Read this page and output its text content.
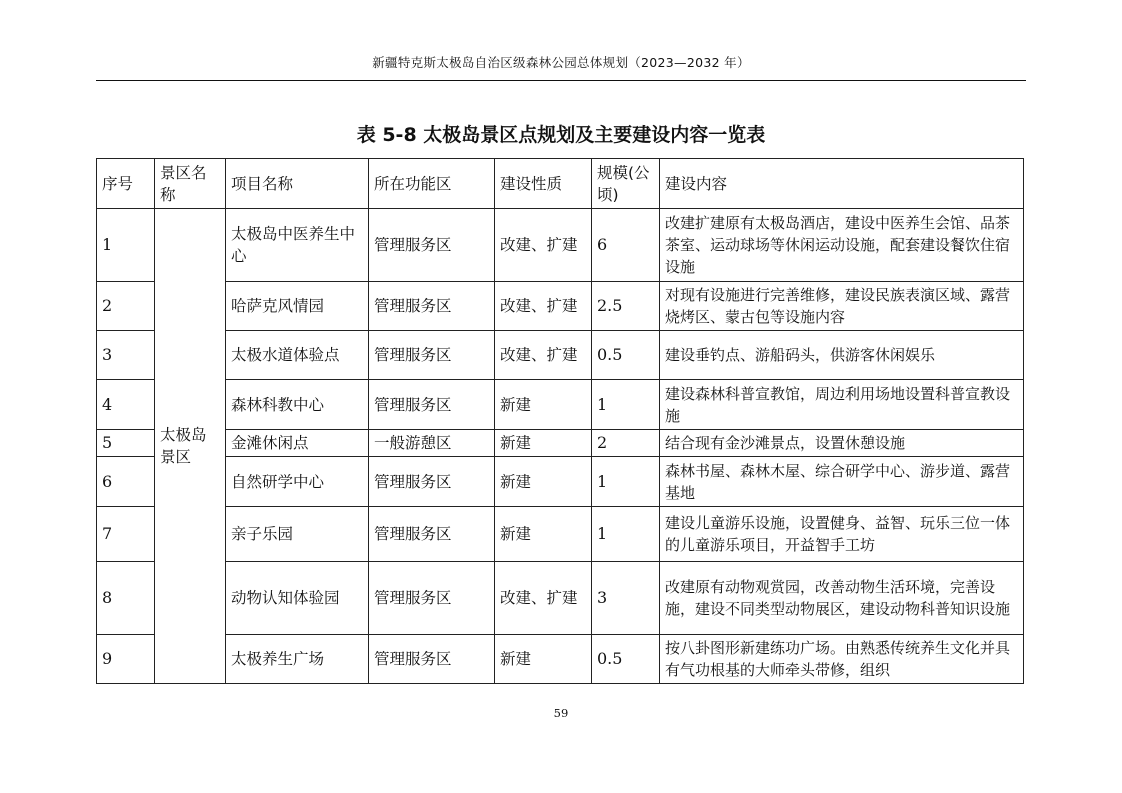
新疆特克斯太极岛自治区级森林公园总体规划（2023—2032 年）
表 5-8 太极岛景区点规划及主要建设内容一览表
序号	景区名称	项目名称	所在功能区	建设性质	规模(公顷)	建设内容
1	太极岛景区	太极岛中医养生中心	管理服务区	改建、扩建	6	改建扩建原有太极岛酒店，建设中医养生会馆、品茶茶室、运动球场等休闲运动设施，配套建设餐饮住宿设施
2		哈萨克风情园	管理服务区	改建、扩建	2.5	对现有设施进行完善维修，建设民族表演区域、露营烧烤区、蒙古包等设施内容
3		太极水道体验点	管理服务区	改建、扩建	0.5	建设垂钓点、游船码头，供游客休闲娱乐
4		森林科教中心	管理服务区	新建	1	建设森林科普宣教馆，周边利用场地设置科普宣教设施
5		金滩休闲点	一般游憩区	新建	2	结合现有金沙滩景点，设置休憩设施
6		自然研学中心	管理服务区	新建	1	森林书屋、森林木屋、综合研学中心、游步道、露营基地
7		亲子乐园	管理服务区	新建	1	建设儿童游乐设施，设置健身、益智、玩乐三位一体的儿童游乐项目，开益智手工坊
8		动物认知体验园	管理服务区	改建、扩建	3	改建原有动物观赏园，改善动物生活环境，完善设施，建设不同类型动物展区，建设动物科普知识设施
9		太极养生广场	管理服务区	新建	0.5	按八卦图形新建练功广场。由熟悉传统养生文化并具有气功根基的大师牵头带修，组织
59
